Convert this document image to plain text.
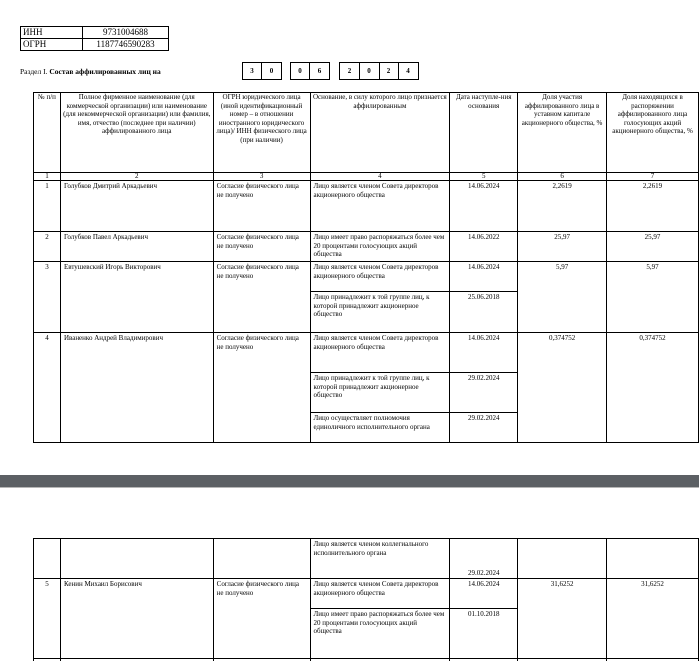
ИНН	9731004688
ОГРН	1187746590283
Раздел I. Состав аффилированных лиц на	3 0	0 6	2 0 2 4
№ п/п	Полное фирменное наименование (для коммерческой организации) или наименование (для некоммерческой организации) или фамилия, имя, отчество (последнее при наличии) аффилированного лица	ОГРН юридического лица (иной идентификационный номер – в отношении иностранного юридического лица)/ ИНН физического лица (при наличии)	Основание, в силу которого лицо признается аффилированным	Дата наступле-ния основания	Доля участия аффилированного лица в уставном капитале акционерного общества, %	Доля находящихся в распоряжении аффилированного лица голосующих акций акционерного общества, %
1	2	3	4	5	6	7
1	Голубков Дмитрий Аркадьевич	Согласие физического лица не получено	Лицо является членом Совета директоров акционерного общества	14.06.2024	2,2619	2,2619
2	Голубков Павел Аркадьевич	Согласие физического лица не получено	Лицо имеет право распоряжаться более чем 20 процентами голосующих акций общества	14.06.2022	25,97	25,97
3	Евтушевский Игорь Викторович	Согласие физического лица не получено	Лицо является членом Совета директоров акционерного общества	14.06.2024	5,97	5,97
			Лицо принадлежит к той группе лиц, к которой принадлежит акционерное общество	25.06.2018		
4	Иваненко Андрей Владимирович	Согласие физического лица не получено	Лицо является членом Совета директоров акционерного общества	14.06.2024	0,374752	0,374752
			Лицо принадлежит к той группе лиц, к которой принадлежит акционерное общество	29.02.2024		
			Лицо осуществляет полномочия единоличного исполнительного органа	29.02.2024		
			Лицо является членом коллегиального исполнительного органа	29.02.2024		
5	Кенин Михаил Борисович	Согласие физического лица не получено	Лицо является членом Совета директоров акционерного общества	14.06.2024	31,6252	31,6252
			Лицо имеет право распоряжаться более чем 20 процентами голосующих акций общества	01.10.2018		
